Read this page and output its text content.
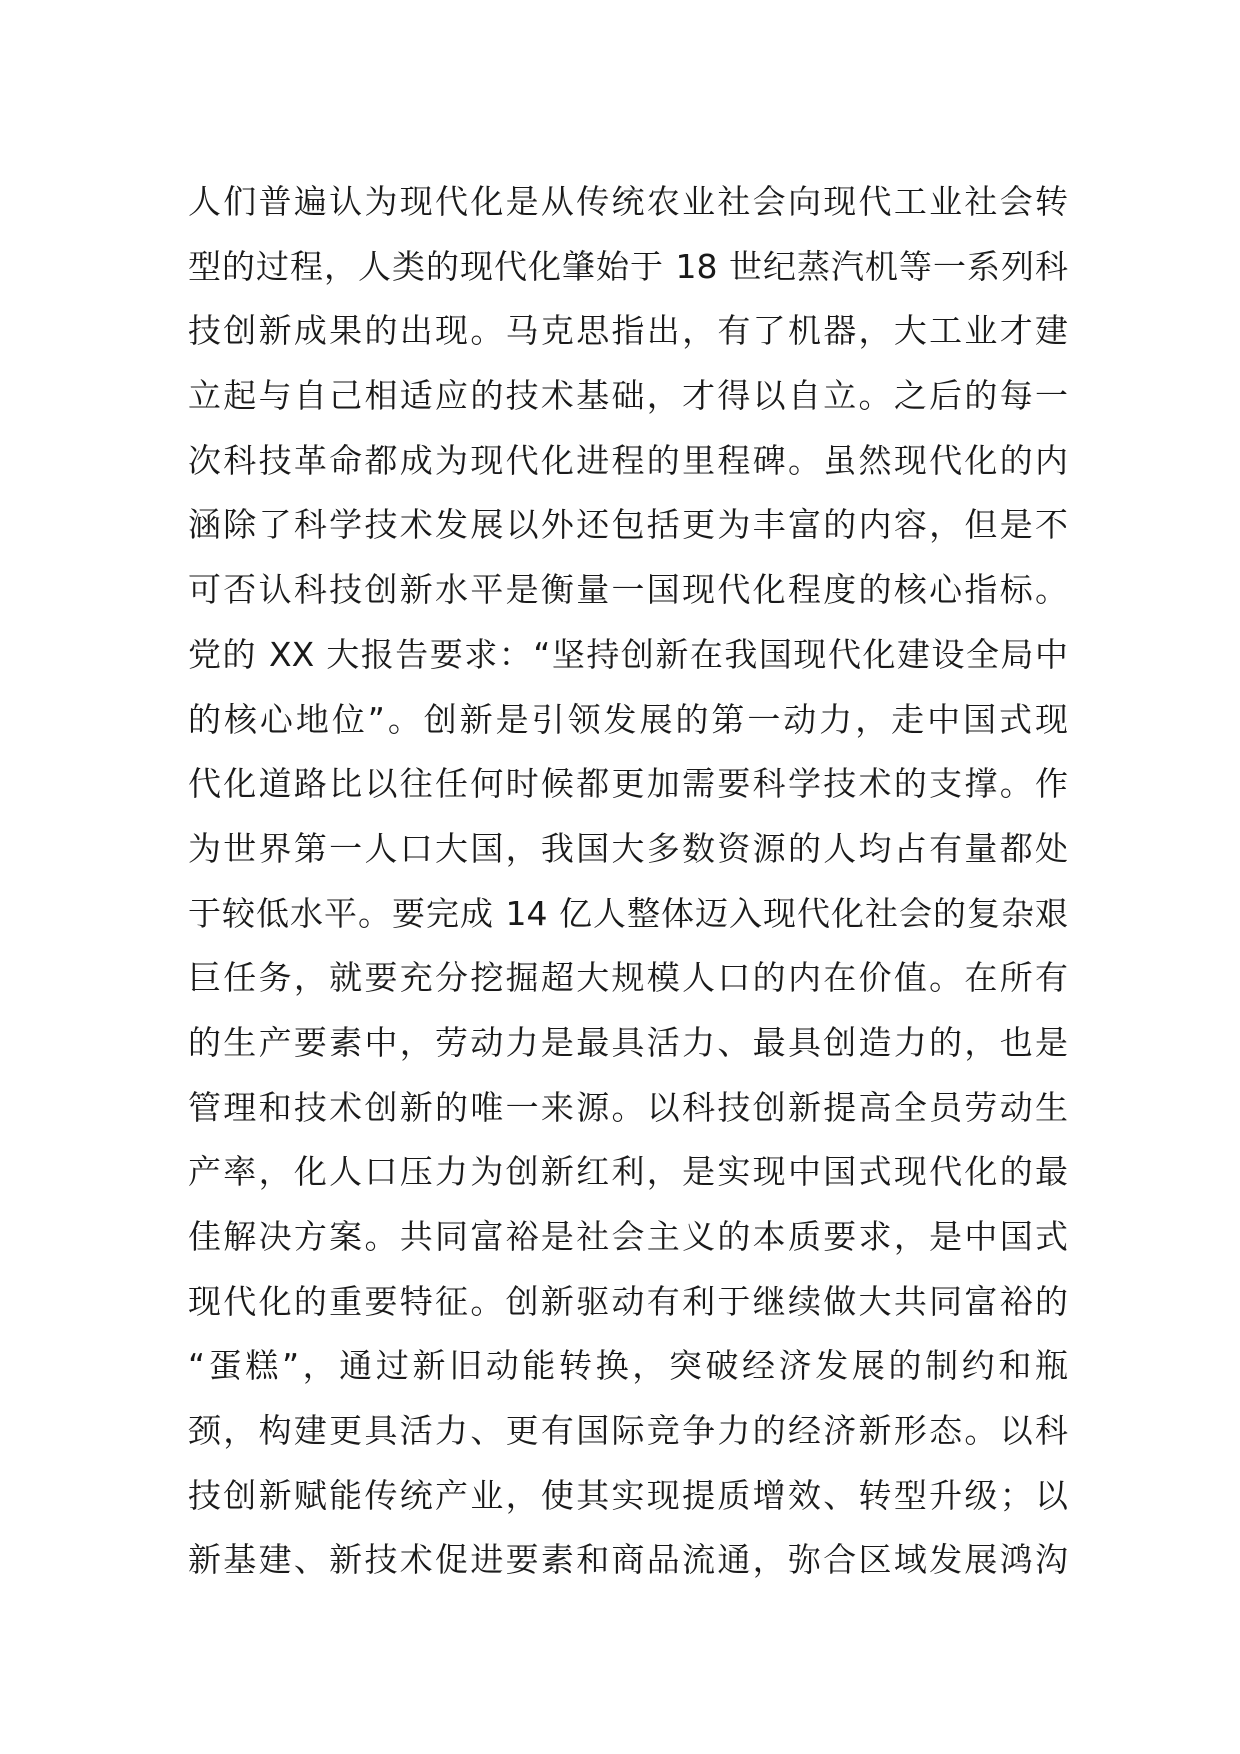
人们普遍认为现代化是从传统农业社会向现代工业社会转
型的过程，人类的现代化肇始于 18 世纪蒸汽机等一系列科
技创新成果的出现。马克思指出，有了机器，大工业才建
立起与自己相适应的技术基础，才得以自立。之后的每一
次科技革命都成为现代化进程的里程碑。虽然现代化的内
涵除了科学技术发展以外还包括更为丰富的内容，但是不
可否认科技创新水平是衡量一国现代化程度的核心指标。
党的 XX 大报告要求：“坚持创新在我国现代化建设全局中
的核心地位”。创新是引领发展的第一动力，走中国式现
代化道路比以往任何时候都更加需要科学技术的支撑。作
为世界第一人口大国，我国大多数资源的人均占有量都处
于较低水平。要完成 14 亿人整体迈入现代化社会的复杂艰
巨任务，就要充分挖掘超大规模人口的内在价值。在所有
的生产要素中，劳动力是最具活力、最具创造力的，也是
管理和技术创新的唯一来源。以科技创新提高全员劳动生
产率，化人口压力为创新红利，是实现中国式现代化的最
佳解决方案。共同富裕是社会主义的本质要求，是中国式
现代化的重要特征。创新驱动有利于继续做大共同富裕的
“蛋糕”，通过新旧动能转换，突破经济发展的制约和瓶
颈，构建更具活力、更有国际竞争力的经济新形态。以科
技创新赋能传统产业，使其实现提质增效、转型升级；以
新基建、新技术促进要素和商品流通，弥合区域发展鸿沟
